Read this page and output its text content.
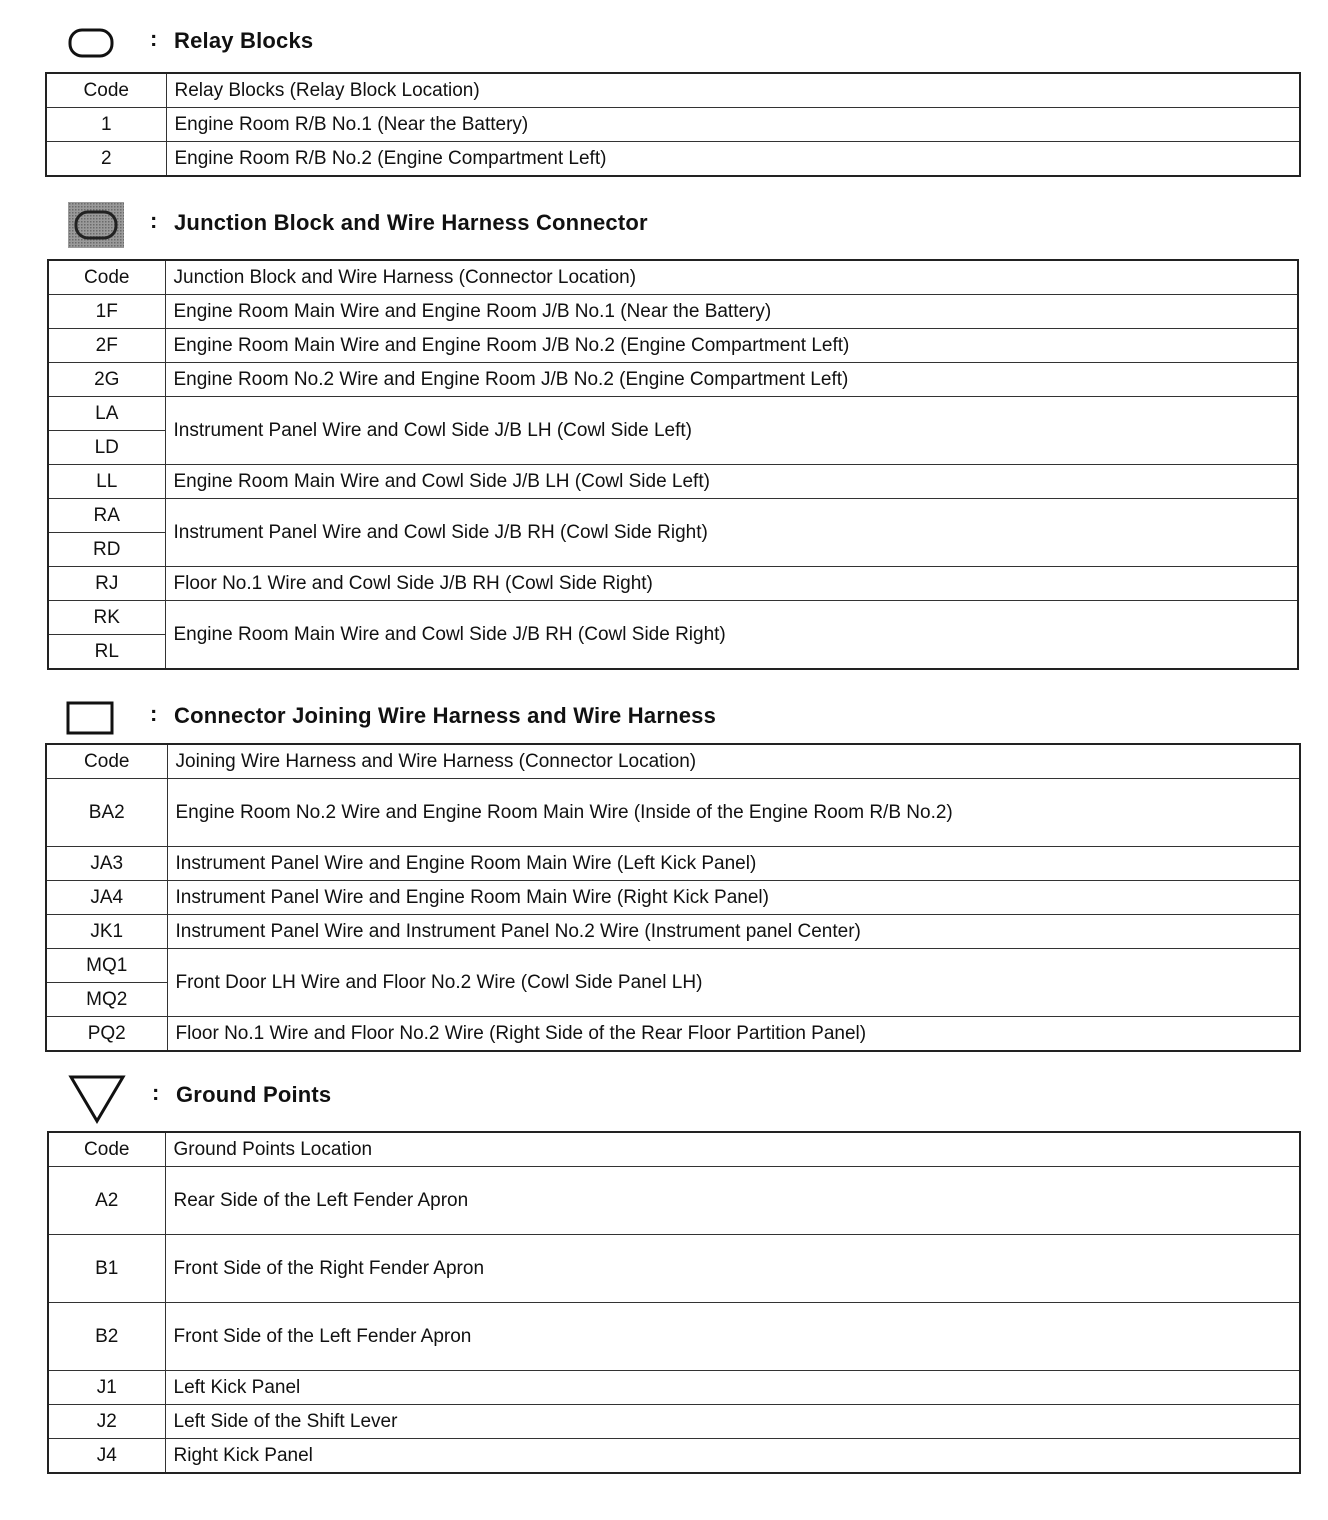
: Relay Blocks
Code	Relay Blocks (Relay Block Location)
1	Engine Room R/B No.1 (Near the Battery)
2	Engine Room R/B No.2 (Engine Compartment Left)
: Junction Block and Wire Harness Connector
Code	Junction Block and Wire Harness (Connector Location)
1F	Engine Room Main Wire and Engine Room J/B No.1 (Near the Battery)
2F	Engine Room Main Wire and Engine Room J/B No.2 (Engine Compartment Left)
2G	Engine Room No.2 Wire and Engine Room J/B No.2 (Engine Compartment Left)
LA	Instrument Panel Wire and Cowl Side J/B LH (Cowl Side Left)
LD	
LL	Engine Room Main Wire and Cowl Side J/B LH (Cowl Side Left)
RA	Instrument Panel Wire and Cowl Side J/B RH (Cowl Side Right)
RD	
RJ	Floor No.1 Wire and Cowl Side J/B RH (Cowl Side Right)
RK	Engine Room Main Wire and Cowl Side J/B RH (Cowl Side Right)
RL	
: Connector Joining Wire Harness and Wire Harness
Code	Joining Wire Harness and Wire Harness (Connector Location)
BA2	Engine Room No.2 Wire and Engine Room Main Wire (Inside of the Engine Room R/B No.2)
JA3	Instrument Panel Wire and Engine Room Main Wire (Left Kick Panel)
JA4	Instrument Panel Wire and Engine Room Main Wire (Right Kick Panel)
JK1	Instrument Panel Wire and Instrument Panel No.2 Wire (Instrument panel Center)
MQ1	Front Door LH Wire and Floor No.2 Wire (Cowl Side Panel LH)
MQ2	
PQ2	Floor No.1 Wire and Floor No.2 Wire (Right Side of the Rear Floor Partition Panel)
: Ground Points
Code	Ground Points Location
A2	Rear Side of the Left Fender Apron
B1	Front Side of the Right Fender Apron
B2	Front Side of the Left Fender Apron
J1	Left Kick Panel
J2	Left Side of the Shift Lever
J4	Right Kick Panel
